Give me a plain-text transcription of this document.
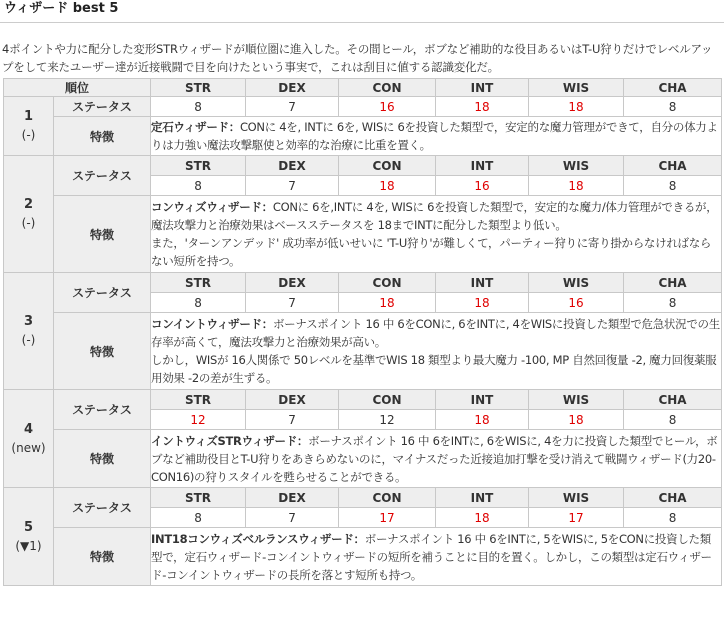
ウィザード best 5
4ポイントや力に配分した変形STRウィザードが順位圏に進入した。その間ヒール，ボブなど補助的な役目あるいはT-U狩りだけでレベルアップをして来たユーザー達が近接戦闘で目を向けたという事実で，これは刮目に値する認識変化だ。
順位		STR	DEX	CON	INT	WIS	CHA

1
(-)	ステータス	8	7	16	18	18	8
	特徴	定石ウィザード：CONに 4を, INTに 6を, WISに 6を投資した類型で，安定的な魔力管理ができて，自分の体力よりは力強い魔法攻撃駆使と効率的な治療に比重を置く。					

2
(-)	ステータス	STR	DEX	CON	INT	WIS	CHA
		8	7	18	16	18	8
	特徴	コンウィズウィザード：CONに 6を,INTに 4を, WISに 6を投資した類型で，安定的な魔力/体力管理ができるが，魔法攻撃力と治療効果はベースステータスを 18までINTに配分した類型より低い。
また，'ターンアンデッド' 成功率が低いせいに 'T-U狩り'が難しくて，パーティー狩りに寄り掛からなければならない短所を持つ。					

3
(-)	ステータス	STR	DEX	CON	INT	WIS	CHA
		8	7	18	18	16	8
	特徴	コンイントウィザード：ボーナスポイント 16 中 6をCONに, 6をINTに, 4をWISに投資した類型で危急状況での生存率が高くて，魔法攻撃力と治療効果が高い。
しかし，WISが 16人関係で 50レベルを基準でWIS 18 類型より最大魔力 -100, MP 自然回復量 -2, 魔力回復薬服用効果 -2の差が生ずる。					

4
(new)	ステータス	STR	DEX	CON	INT	WIS	CHA
		12	7	12	18	18	8
	特徴	イントウィズSTRウィザード：ボーナスポイント 16 中 6をINTに, 6をWISに, 4を力に投資した類型でヒール，ボブなど補助役目とT-U狩りをあきらめないのに，マイナスだった近接追加打撃を受け消えて戦闘ウィザード(力20-CON16)の狩りスタイルを甦らせることができる。					

5
(▼1)	ステータス	STR	DEX	CON	INT	WIS	CHA
		8	7	17	18	17	8
	特徴	INT18コンウィズベルランスウィザード：ボーナスポイント 16 中 6をINTに, 5をWISに, 5をCONに投資した類型で，定石ウィザード-コンイントウィザードの短所を補うことに目的を置く。しかし，この類型は定石ウィザード-コンイントウィザードの長所を落とす短所も持つ。					
